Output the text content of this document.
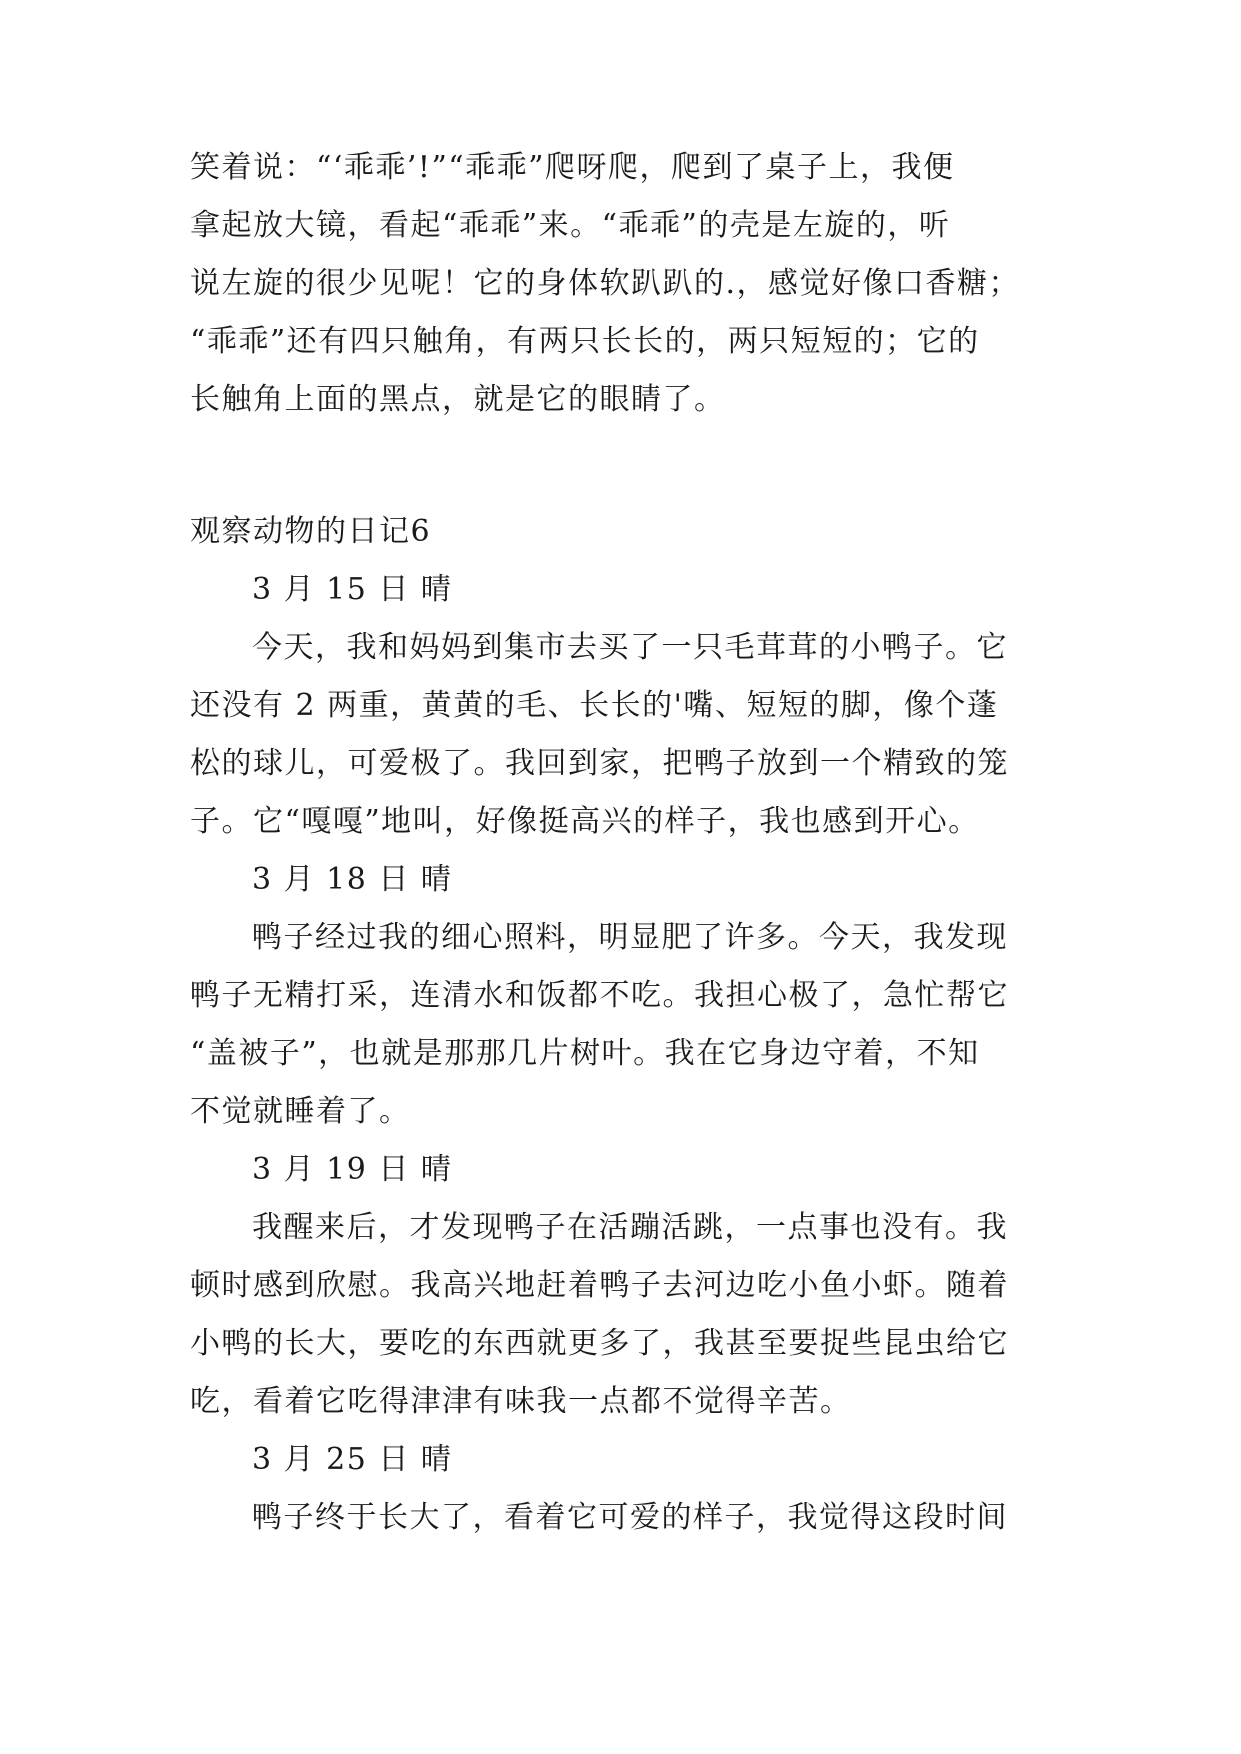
笑着说：“‘乖乖’!”“乖乖”爬呀爬，爬到了桌子上，我便
拿起放大镜，看起“乖乖”来。“乖乖”的壳是左旋的，听
说左旋的很少见呢！它的身体软趴趴的.，感觉好像口香糖；
“乖乖”还有四只触角，有两只长长的，两只短短的；它的
长触角上面的黑点，就是它的眼睛了。
观察动物的日记6
3 月 15 日 晴
今天，我和妈妈到集市去买了一只毛茸茸的小鸭子。它
还没有 2 两重，黄黄的毛、长长的'嘴、短短的脚，像个蓬
松的球儿，可爱极了。我回到家，把鸭子放到一个精致的笼
子。它“嘎嘎”地叫，好像挺高兴的样子，我也感到开心。
3 月 18 日 晴
鸭子经过我的细心照料，明显肥了许多。今天，我发现
鸭子无精打采，连清水和饭都不吃。我担心极了，急忙帮它
“盖被子”，也就是那那几片树叶。我在它身边守着，不知
不觉就睡着了。
3 月 19 日 晴
我醒来后，才发现鸭子在活蹦活跳，一点事也没有。我
顿时感到欣慰。我高兴地赶着鸭子去河边吃小鱼小虾。随着
小鸭的长大，要吃的东西就更多了，我甚至要捉些昆虫给它
吃，看着它吃得津津有味我一点都不觉得辛苦。
3 月 25 日 晴
鸭子终于长大了，看着它可爱的样子，我觉得这段时间
